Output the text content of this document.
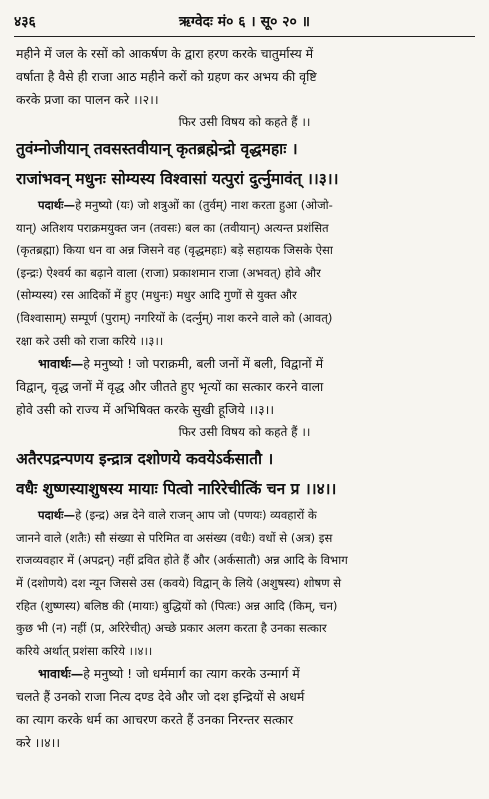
४३६	ऋग्वेदः मं० ६ । सू० २० ॥

महीने में जल के रसों को आकर्षण के द्वारा हरण करके चातुर्मास्य में

वर्षाता है वैसे ही राजा आठ महीने करों को ग्रहण कर अभय की वृष्टि

करके प्रजा का पालन करे ।।२।।

फिर उसी विषय को कहते हैं ।।

तुवंम्नोजीयान् तवसस्तवीयान् कृतब्रह्मेन्द्रो वृद्धमहाः ।

राजांभवन् मधुनः सोम्यस्य विश्वासां यत्पुरां दुर्त्नुमावंत् ।।३।।

पदार्थः—हे मनुष्यो (यः) जो शत्रुओं का (तुर्वम्) नाश करता हुआ (ओजो-

यान्) अतिशय पराक्रमयुक्त जन (तवसः) बल का (तवीयान्) अत्यन्त प्रशंसित

(कृतब्रह्मा) किया धन वा अन्न जिसने वह (वृद्धमहाः) बड़े सहायक जिसके ऐसा

(इन्द्रः) ऐश्वर्य का बढ़ाने वाला (राजा) प्रकाशमान राजा (अभवत्) होवे और

(सोम्यस्य) रस आदिकों में हुए (मधुनः) मधुर आदि गुणों से युक्त और

(विश्वासाम्) सम्पूर्ण (पुराम्) नगरियों के (दर्त्नुम्) नाश करने वाले को (आवत्)

रक्षा करे उसी को राजा करिये ।।३।।

भावार्थः—हे मनुष्यो ! जो पराक्रमी, बली जनों में बली, विद्वानों में

विद्वान्, वृद्ध जनों में वृद्ध और जीतते हुए भृत्यों का सत्कार करने वाला

होवे उसी को राज्य में अभिषिक्त करके सुखी हूजिये ।।३।।

फिर उसी विषय को कहते हैं ।।

अतैरपद्रन्पणय इन्द्रात्र दशोणये कवयेऽर्कसातौ ।

वधैः शुष्णस्याशुषस्य मायाः पित्वो नारिरेचीत्किं चन प्र ।।४।।

पदार्थः—हे (इन्द्र) अन्न देने वाले राजन् आप जो (पणयः) व्यवहारों के

जानने वाले (शतैः) सौ संख्या से परिमित वा असंख्य (वधैः) वधों से (अत्र) इस

राजव्यवहार में (अपद्रन्) नहीं द्रवित होते हैं और (अर्कसातौ) अन्न आदि के विभाग

में (दशोणये) दश न्यून जिससे उस (कवये) विद्वान् के लिये (अशुषस्य) शोषण से

रहित (शुष्णस्य) बलिष्ठ की (मायाः) बुद्धियों को (पित्वः) अन्न आदि (किम्, चन)

कुछ भी (न) नहीं (प्र, अरिरेचीत्) अच्छे प्रकार अलग करता है उनका सत्कार

करिये अर्थात् प्रशंसा करिये ।।४।।

भावार्थः—हे मनुष्यो ! जो धर्ममार्ग का त्याग करके उन्मार्ग में

चलते हैं उनको राजा नित्य दण्ड देवे और जो दश इन्द्रियों से अधर्म

का त्याग करके धर्म का आचरण करते हैं उनका निरन्तर सत्कार

करे ।।४।।
